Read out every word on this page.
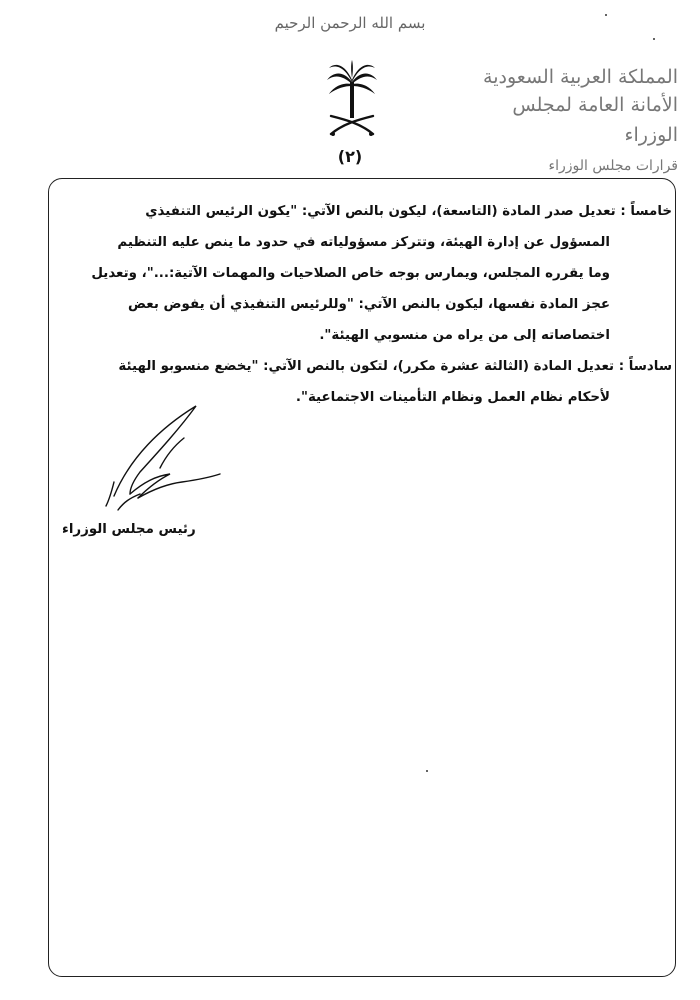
بسم الله الرحمن الرحيم
(٢)
المملكة العربية السعودية
الأمانة العامة لمجلس الوزراء
قرارات مجلس الوزراء

خامساً : تعديل صدر المادة (التاسعة)، ليكون بالنص الآتي: "يكون الرئيس التنفيذي
المسؤول عن إدارة الهيئة، وتتركز مسؤولياته في حدود ما ينص عليه التنظيم
وما يقرره المجلس، ويمارس بوجه خاص الصلاحيات والمهمات الآتية:..."، وتعديل
عجز المادة نفسها، ليكون بالنص الآتي: "وللرئيس التنفيذي أن يفوض بعض
اختصاصاته إلى من يراه من منسوبي الهيئة".

سادساً : تعديل المادة (الثالثة عشرة مكرر)، لتكون بالنص الآتي: "يخضع منسوبو الهيئة
لأحكام نظام العمل ونظام التأمينات الاجتماعية".

رئيس مجلس الوزراء
